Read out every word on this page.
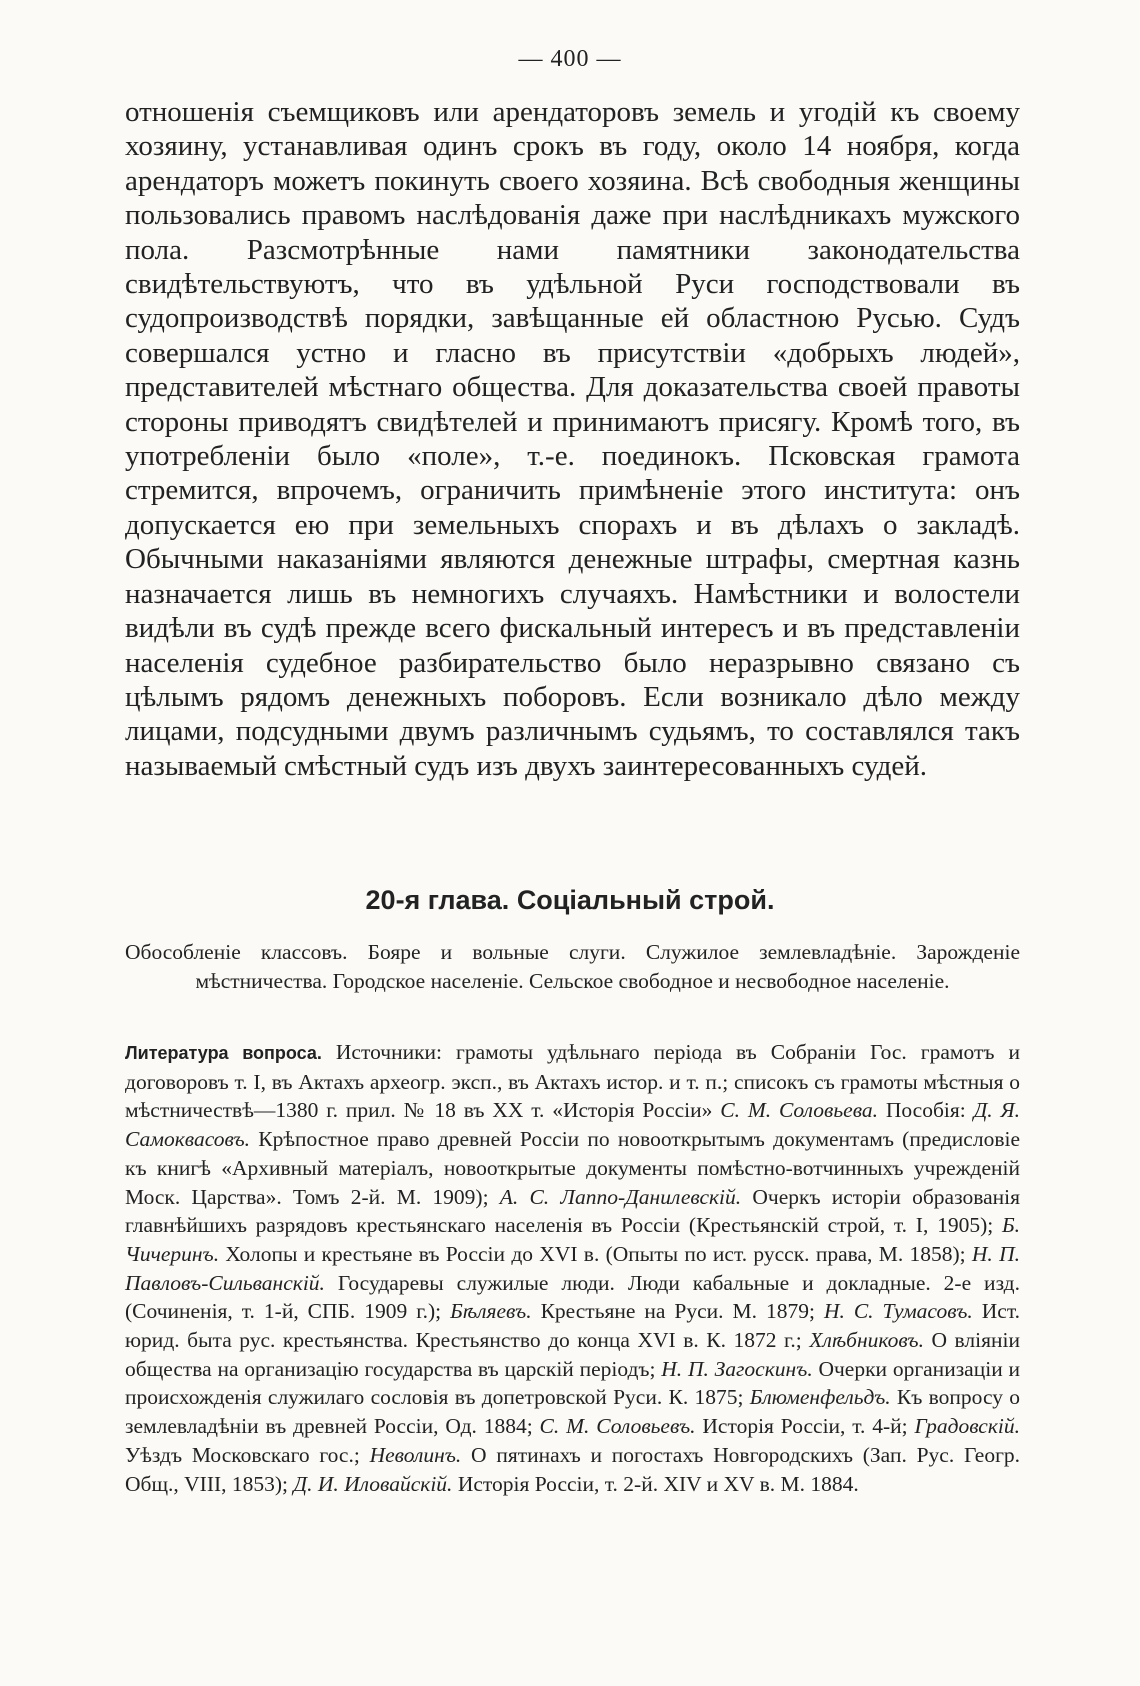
— 400 —

отношенія съемщиковъ или арендаторовъ земель и угодій къ своему хозяину, устанавливая одинъ срокъ въ году, около 14 ноября, когда арендаторъ можетъ покинуть своего хозяина. Всѣ свободныя женщины пользовались правомъ наслѣдованія даже при наслѣдникахъ мужского пола. Разсмотрѣнные нами памятники законодательства свидѣтельствуютъ, что въ удѣльной Руси господствовали въ судопроизводствѣ порядки, завѣщанные ей областною Русью. Судъ совершался устно и гласно въ присутствіи «добрыхъ людей», представителей мѣстнаго общества. Для доказательства своей правоты стороны приводятъ свидѣтелей и принимаютъ присягу. Кромѣ того, въ употребленіи было «поле», т.-е. поединокъ. Псковская грамота стремится, впрочемъ, ограничить примѣненіе этого института: онъ допускается ею при земельныхъ спорахъ и въ дѣлахъ о закладѣ. Обычными наказаніями являются денежные штрафы, смертная казнь назначается лишь въ немногихъ случаяхъ. Намѣстники и волостели видѣли въ судѣ прежде всего фискальный интересъ и въ представленіи населенія судебное разбирательство было неразрывно связано съ цѣлымъ рядомъ денежныхъ поборовъ. Если возникало дѣло между лицами, подсудными двумъ различнымъ судьямъ, то составлялся такъ называемый смѣстный судъ изъ двухъ заинтересованныхъ судей.

20-я глава. Соціальный строй.

Обособленіе классовъ. Бояре и вольные слуги. Служилое землевладѣніе. Зарожденіе мѣстничества. Городское населеніе. Сельское свободное и несвободное населеніе.

Литература вопроса. Источники: грамоты удѣльнаго періода въ Собраніи Гос. грамотъ и договоровъ т. I, въ Актахъ археогр. эксп., въ Актахъ истор. и т. п.; списокъ съ грамоты мѣстныя о мѣстничествѣ—1380 г. прил. № 18 въ XX т. «Исторія Россіи» С. М. Соловьева. Пособія: Д. Я. Самоквасовъ. Крѣпостное право древней Россіи по новооткрытымъ документамъ (предисловіе къ книгѣ «Архивный матеріалъ, новооткрытые документы помѣстно-вотчинныхъ учрежденій Моск. Царства». Томъ 2-й. М. 1909); А. С. Лаппо-Данилевскій. Очеркъ исторіи образованія главнѣйшихъ разрядовъ крестьянскаго населенія въ Россіи (Крестьянскій строй, т. I, 1905); Б. Чичеринъ. Холопы и крестьяне въ Россіи до XVI в. (Опыты по ист. русск. права, М. 1858); Н. П. Павловъ-Сильванскій. Государевы служилые люди. Люди кабальные и докладные. 2-е изд. (Сочиненія, т. 1-й, СПБ. 1909 г.); Бѣляевъ. Крестьяне на Руси. М. 1879; Н. С. Тумасовъ. Ист. юрид. быта рус. крестьянства. Крестьянство до конца XVI в. К. 1872 г.; Хлѣбниковъ. О вліяніи общества на организацію государства въ царскій періодъ; Н. П. Загоскинъ. Очерки организаціи и происхожденія служилаго сословія въ допетровской Руси. К. 1875; Блюменфельдъ. Къ вопросу о землевладѣніи въ древней Россіи, Од. 1884; С. М. Соловьевъ. Исторія Россіи, т. 4-й; Градовскій. Уѣздъ Московскаго гос.; Неволинъ. О пятинахъ и погостахъ Новгородскихъ (Зап. Рус. Геогр. Общ., VIII, 1853); Д. И. Иловайскій. Исторія Россіи, т. 2-й. XIV и XV в. М. 1884.
